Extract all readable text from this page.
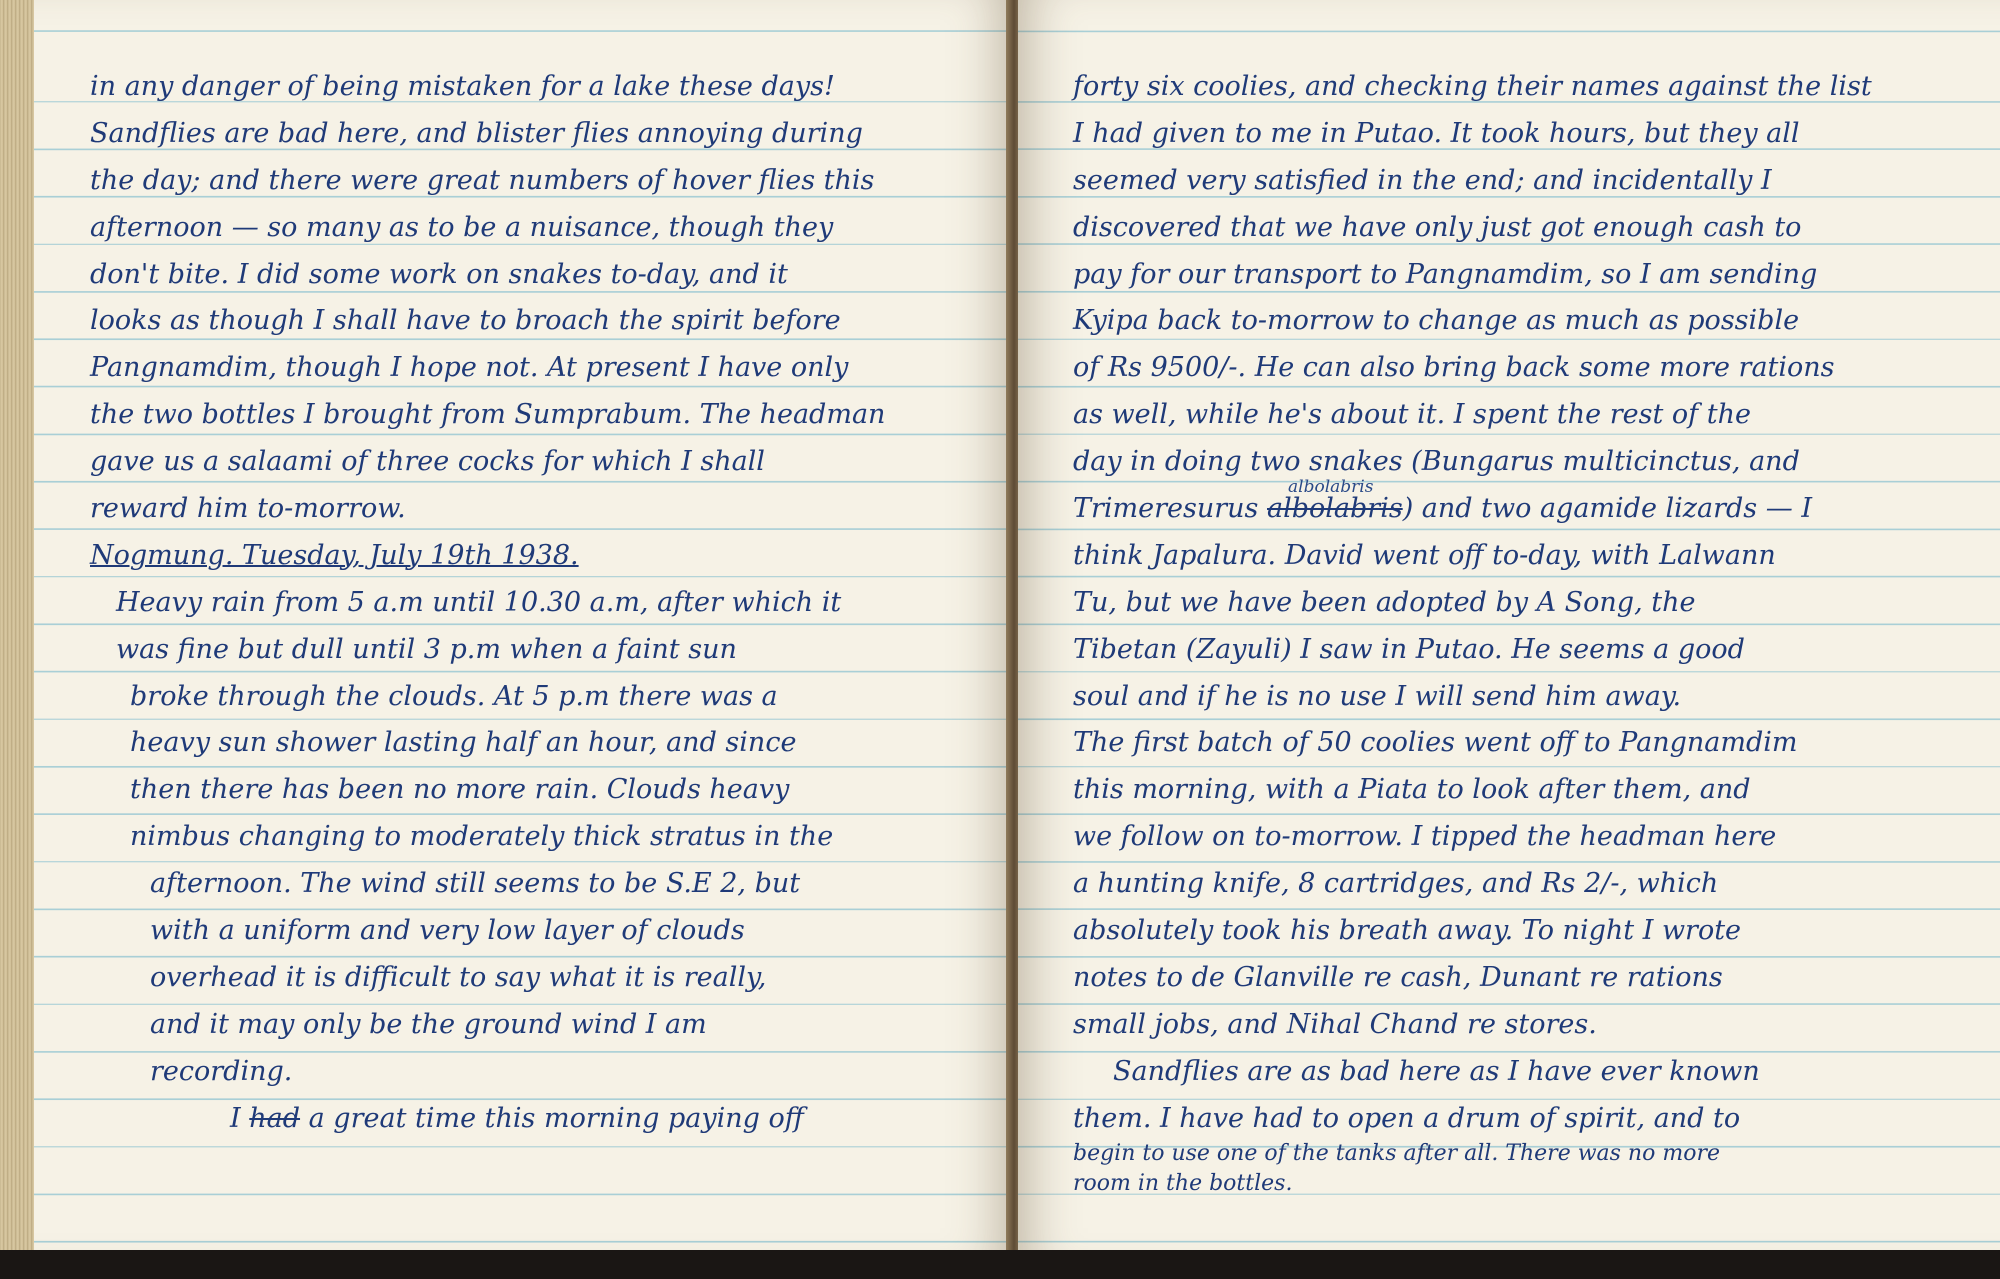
in any danger of being mistaken for a lake these days!
Sandflies are bad here, and blister flies annoying during
the day; and there were great numbers of hover flies this
afternoon — so many as to be a nuisance, though they
don't bite. I did some work on snakes to-day, and it
looks as though I shall have to broach the spirit before
Pangnamdim, though I hope not. At present I have only
the two bottles I brought from Sumprabum. The headman
gave us a salaami of three cocks for which I shall
reward him to-morrow.
Nogmung. Tuesday, July 19th 1938.
Heavy rain from 5 a.m until 10.30 a.m, after which it
was fine but dull until 3 p.m when a faint sun
broke through the clouds. At 5 p.m there was a
heavy sun shower lasting half an hour, and since
then there has been no more rain. Clouds heavy
nimbus changing to moderately thick stratus in the
afternoon. The wind still seems to be S.E 2, but
with a uniform and very low layer of clouds
overhead it is difficult to say what it is really,
and it may only be the ground wind I am
recording.
I had a great time this morning paying off
forty six coolies, and checking their names against the list
I had given to me in Putao. It took hours, but they all
seemed very satisfied in the end; and incidentally I
discovered that we have only just got enough cash to
pay for our transport to Pangnamdim, so I am sending
Kyipa back to-morrow to change as much as possible
of Rs 9500/-. He can also bring back some more rations
as well, while he's about it. I spent the rest of the
day in doing two snakes (Bungarus multicinctus, and
albolabris
Trimeresurus albolabris) and two agamide lizards — I
think Japalura. David went off to-day, with Lalwann
Tu, but we have been adopted by A Song, the
Tibetan (Zayuli) I saw in Putao. He seems a good
soul and if he is no use I will send him away.
The first batch of 50 coolies went off to Pangnamdim
this morning, with a Piata to look after them, and
we follow on to-morrow. I tipped the headman here
a hunting knife, 8 cartridges, and Rs 2/-, which
absolutely took his breath away. To night I wrote
notes to de Glanville re cash, Dunant re rations
small jobs, and Nihal Chand re stores.
Sandflies are as bad here as I have ever known
them. I have had to open a drum of spirit, and to
begin to use one of the tanks after all. There was no more
room in the bottles.
